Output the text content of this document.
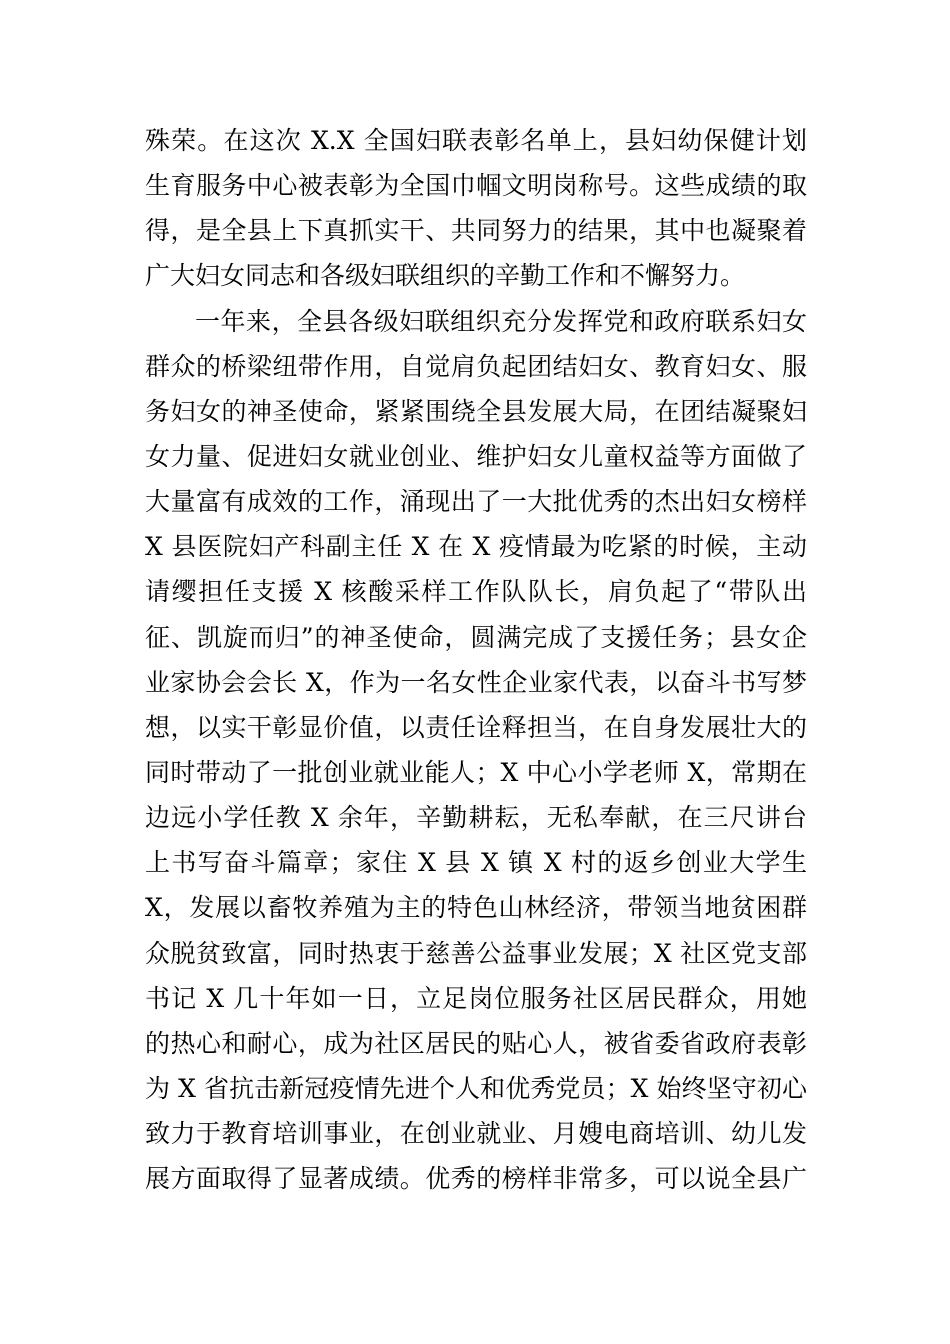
殊荣。在这次 X.X 全国妇联表彰名单上，县妇幼保健计划
生育服务中心被表彰为全国巾帼文明岗称号。这些成绩的取
得，是全县上下真抓实干、共同努力的结果，其中也凝聚着
广大妇女同志和各级妇联组织的辛勤工作和不懈努力。
一年来，全县各级妇联组织充分发挥党和政府联系妇女
群众的桥梁纽带作用，自觉肩负起团结妇女、教育妇女、服
务妇女的神圣使命，紧紧围绕全县发展大局，在团结凝聚妇
女力量、促进妇女就业创业、维护妇女儿童权益等方面做了
大量富有成效的工作，涌现出了一大批优秀的杰出妇女榜样
X 县医院妇产科副主任 X 在 X 疫情最为吃紧的时候，主动
请缨担任支援 X 核酸采样工作队队长，肩负起了“带队出
征、凯旋而归”的神圣使命，圆满完成了支援任务；县女企
业家协会会长 X，作为一名女性企业家代表，以奋斗书写梦
想，以实干彰显价值，以责任诠释担当，在自身发展壮大的
同时带动了一批创业就业能人；X 中心小学老师 X，常期在
边远小学任教 X 余年，辛勤耕耘，无私奉献，在三尺讲台
上书写奋斗篇章；家住 X 县 X 镇 X 村的返乡创业大学生
X，发展以畜牧养殖为主的特色山林经济，带领当地贫困群
众脱贫致富，同时热衷于慈善公益事业发展；X 社区党支部
书记 X 几十年如一日，立足岗位服务社区居民群众，用她
的热心和耐心，成为社区居民的贴心人，被省委省政府表彰
为 X 省抗击新冠疫情先进个人和优秀党员；X 始终坚守初心
致力于教育培训事业，在创业就业、月嫂电商培训、幼儿发
展方面取得了显著成绩。优秀的榜样非常多，可以说全县广
